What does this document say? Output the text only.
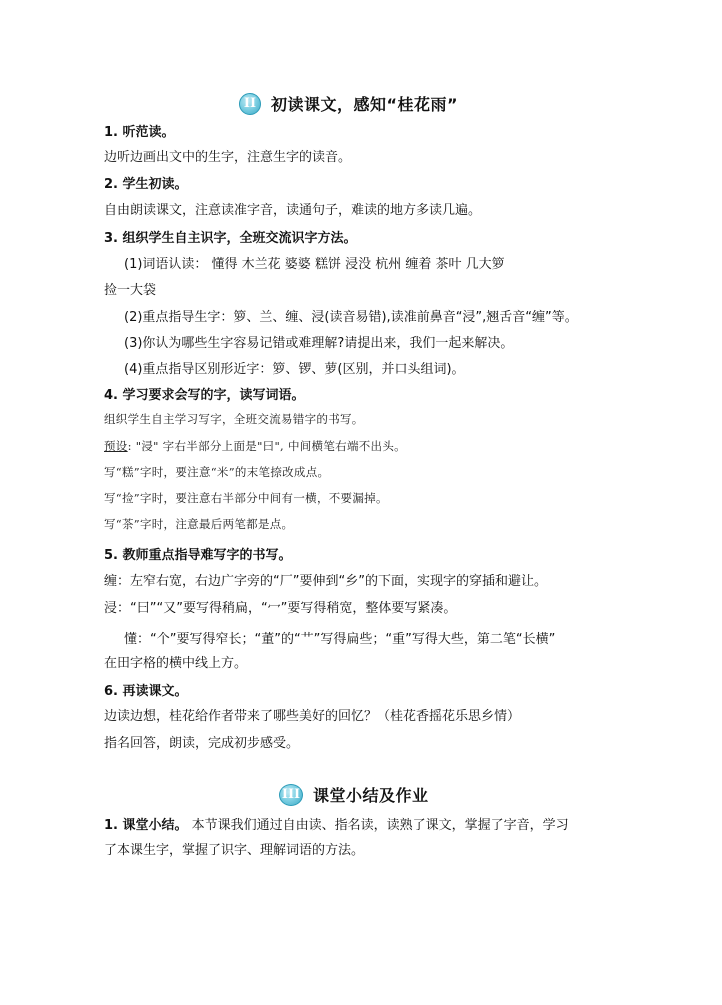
II 初读课文，感知“桂花雨”
1. 听范读。
边听边画出文中的生字，注意生字的读音。
2. 学生初读。
自由朗读课文，注意读准字音，读通句子，难读的地方多读几遍。
3. 组织学生自主识字，全班交流识字方法。
(1)词语认读： 懂得 木兰花 婆婆 糕饼 浸没 杭州 缠着 茶叶 几大箩
捡一大袋
(2)重点指导生字：箩、兰、缠、浸(读音易错),读准前鼻音“浸”,翘舌音“缠”等。
(3)你认为哪些生字容易记错或难理解?请提出来，我们一起来解决。
(4)重点指导区别形近字：箩、锣、萝(区别，并口头组词)。
4. 学习要求会写的字，读写词语。
组织学生自主学习写字，全班交流易错字的书写。
预设: "浸" 字右半部分上面是"曰", 中间横笔右端不出头。
写“糕”字时，要注意“米”的末笔捺改成点。
写“捡”字时，要注意右半部分中间有一横，不要漏掉。
写“茶”字时，注意最后两笔都是点。
5. 教师重点指导难写字的书写。
缠：左窄右宽，右边广字旁的“厂”要伸到“乡”的下面，实现字的穿插和避让。
浸：“曰”“又”要写得稍扁，“冖”要写得稍宽，整体要写紧凑。
懂：“个”要写得窄长；“董”的“艹”写得扁些；“重”写得大些，第二笔“长横”
在田字格的横中线上方。
6. 再读课文。
边读边想，桂花给作者带来了哪些美好的回忆？（桂花香摇花乐思乡情）
指名回答，朗读，完成初步感受。
III 课堂小结及作业
1. 课堂小结。 本节课我们通过自由读、指名读，读熟了课文，掌握了字音，学习
了本课生字，掌握了识字、理解词语的方法。
